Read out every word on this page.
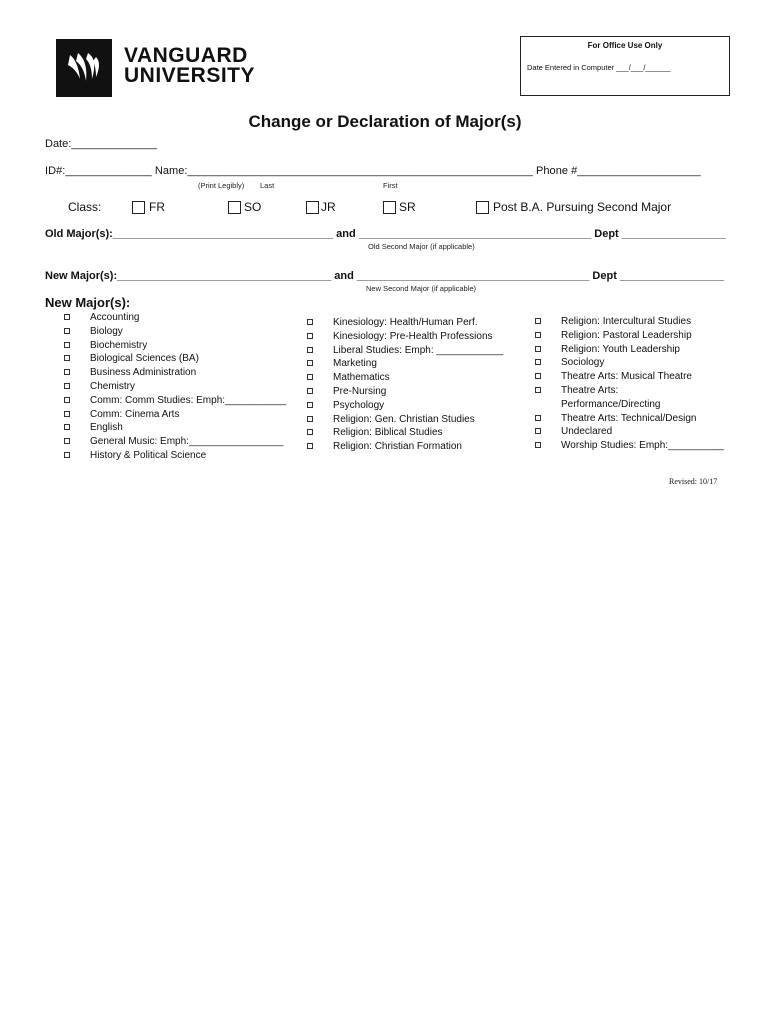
VANGUARD
UNIVERSITY
For Office Use Only
Date Entered in Computer ___/___/______
Change or Declaration of Major(s)
Date:______________
ID#:______________ Name:________________________________________________________ Phone #____________________
(Print Legibly) Last	First
Class:	FR	SO	JR	SR	Post B.A. Pursuing Second Major
Old Major(s):____________________________________ and ______________________________________ Dept _________________
Old Second Major (if applicable)
New Major(s):___________________________________ and ______________________________________ Dept _________________
New Second Major (if applicable)
New Major(s):
Accounting
Biology
Biochemistry
Biological Sciences (BA)
Business Administration
Chemistry
Comm: Comm Studies: Emph:___________
Comm: Cinema Arts
English
General Music: Emph:_________________
History & Political Science
Kinesiology: Health/Human Perf.
Kinesiology: Pre-Health Professions
Liberal Studies: Emph: ____________
Marketing
Mathematics
Pre-Nursing
Psychology
Religion: Gen. Christian Studies
Religion: Biblical Studies
Religion: Christian Formation
Religion: Intercultural Studies
Religion: Pastoral Leadership
Religion: Youth Leadership
Sociology
Theatre Arts: Musical Theatre
Theatre Arts:
Performance/Directing
Theatre Arts: Technical/Design
Undeclared
Worship Studies: Emph:__________
Revised: 10/17
